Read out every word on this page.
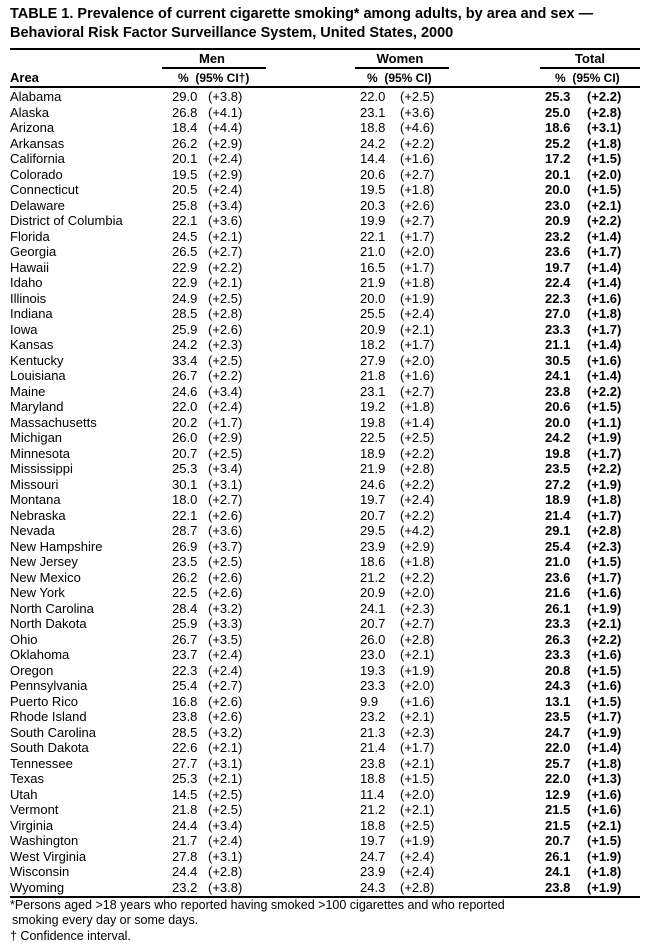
TABLE 1. Prevalence of current cigarette smoking* among adults, by area and sex — Behavioral Risk Factor Surveillance System, United States, 2000
Men	Women	Total
Area	%  (95% CI†)	%  (95% CI)	%  (95% CI)
Alabama	29.0 (+3.8)	22.0 (+2.5)	25.3 (+2.2)
Alaska	26.8 (+4.1)	23.1 (+3.6)	25.0 (+2.8)
Arizona	18.4 (+4.4)	18.8 (+4.6)	18.6 (+3.1)
Arkansas	26.2 (+2.9)	24.2 (+2.2)	25.2 (+1.8)
California	20.1 (+2.4)	14.4 (+1.6)	17.2 (+1.5)
Colorado	19.5 (+2.9)	20.6 (+2.7)	20.1 (+2.0)
Connecticut	20.5 (+2.4)	19.5 (+1.8)	20.0 (+1.5)
Delaware	25.8 (+3.4)	20.3 (+2.6)	23.0 (+2.1)
District of Columbia	22.1 (+3.6)	19.9 (+2.7)	20.9 (+2.2)
Florida	24.5 (+2.1)	22.1 (+1.7)	23.2 (+1.4)
Georgia	26.5 (+2.7)	21.0 (+2.0)	23.6 (+1.7)
Hawaii	22.9 (+2.2)	16.5 (+1.7)	19.7 (+1.4)
Idaho	22.9 (+2.1)	21.9 (+1.8)	22.4 (+1.4)
Illinois	24.9 (+2.5)	20.0 (+1.9)	22.3 (+1.6)
Indiana	28.5 (+2.8)	25.5 (+2.4)	27.0 (+1.8)
Iowa	25.9 (+2.6)	20.9 (+2.1)	23.3 (+1.7)
Kansas	24.2 (+2.3)	18.2 (+1.7)	21.1 (+1.4)
Kentucky	33.4 (+2.5)	27.9 (+2.0)	30.5 (+1.6)
Louisiana	26.7 (+2.2)	21.8 (+1.6)	24.1 (+1.4)
Maine	24.6 (+3.4)	23.1 (+2.7)	23.8 (+2.2)
Maryland	22.0 (+2.4)	19.2 (+1.8)	20.6 (+1.5)
Massachusetts	20.2 (+1.7)	19.8 (+1.4)	20.0 (+1.1)
Michigan	26.0 (+2.9)	22.5 (+2.5)	24.2 (+1.9)
Minnesota	20.7 (+2.5)	18.9 (+2.2)	19.8 (+1.7)
Mississippi	25.3 (+3.4)	21.9 (+2.8)	23.5 (+2.2)
Missouri	30.1 (+3.1)	24.6 (+2.2)	27.2 (+1.9)
Montana	18.0 (+2.7)	19.7 (+2.4)	18.9 (+1.8)
Nebraska	22.1 (+2.6)	20.7 (+2.2)	21.4 (+1.7)
Nevada	28.7 (+3.6)	29.5 (+4.2)	29.1 (+2.8)
New Hampshire	26.9 (+3.7)	23.9 (+2.9)	25.4 (+2.3)
New Jersey	23.5 (+2.5)	18.6 (+1.8)	21.0 (+1.5)
New Mexico	26.2 (+2.6)	21.2 (+2.2)	23.6 (+1.7)
New York	22.5 (+2.6)	20.9 (+2.0)	21.6 (+1.6)
North Carolina	28.4 (+3.2)	24.1 (+2.3)	26.1 (+1.9)
North Dakota	25.9 (+3.3)	20.7 (+2.7)	23.3 (+2.1)
Ohio	26.7 (+3.5)	26.0 (+2.8)	26.3 (+2.2)
Oklahoma	23.7 (+2.4)	23.0 (+2.1)	23.3 (+1.6)
Oregon	22.3 (+2.4)	19.3 (+1.9)	20.8 (+1.5)
Pennsylvania	25.4 (+2.7)	23.3 (+2.0)	24.3 (+1.6)
Puerto Rico	16.8 (+2.6)	9.9 (+1.6)	13.1 (+1.5)
Rhode Island	23.8 (+2.6)	23.2 (+2.1)	23.5 (+1.7)
South Carolina	28.5 (+3.2)	21.3 (+2.3)	24.7 (+1.9)
South Dakota	22.6 (+2.1)	21.4 (+1.7)	22.0 (+1.4)
Tennessee	27.7 (+3.1)	23.8 (+2.1)	25.7 (+1.8)
Texas	25.3 (+2.1)	18.8 (+1.5)	22.0 (+1.3)
Utah	14.5 (+2.5)	11.4 (+2.0)	12.9 (+1.6)
Vermont	21.8 (+2.5)	21.2 (+2.1)	21.5 (+1.6)
Virginia	24.4 (+3.4)	18.8 (+2.5)	21.5 (+2.1)
Washington	21.7 (+2.4)	19.7 (+1.9)	20.7 (+1.5)
West Virginia	27.8 (+3.1)	24.7 (+2.4)	26.1 (+1.9)
Wisconsin	24.4 (+2.8)	23.9 (+2.4)	24.1 (+1.8)
Wyoming	23.2 (+3.8)	24.3 (+2.8)	23.8 (+1.9)
*Persons aged >18 years who reported having smoked >100 cigarettes and who reported
smoking every day or some days.
† Confidence interval.
